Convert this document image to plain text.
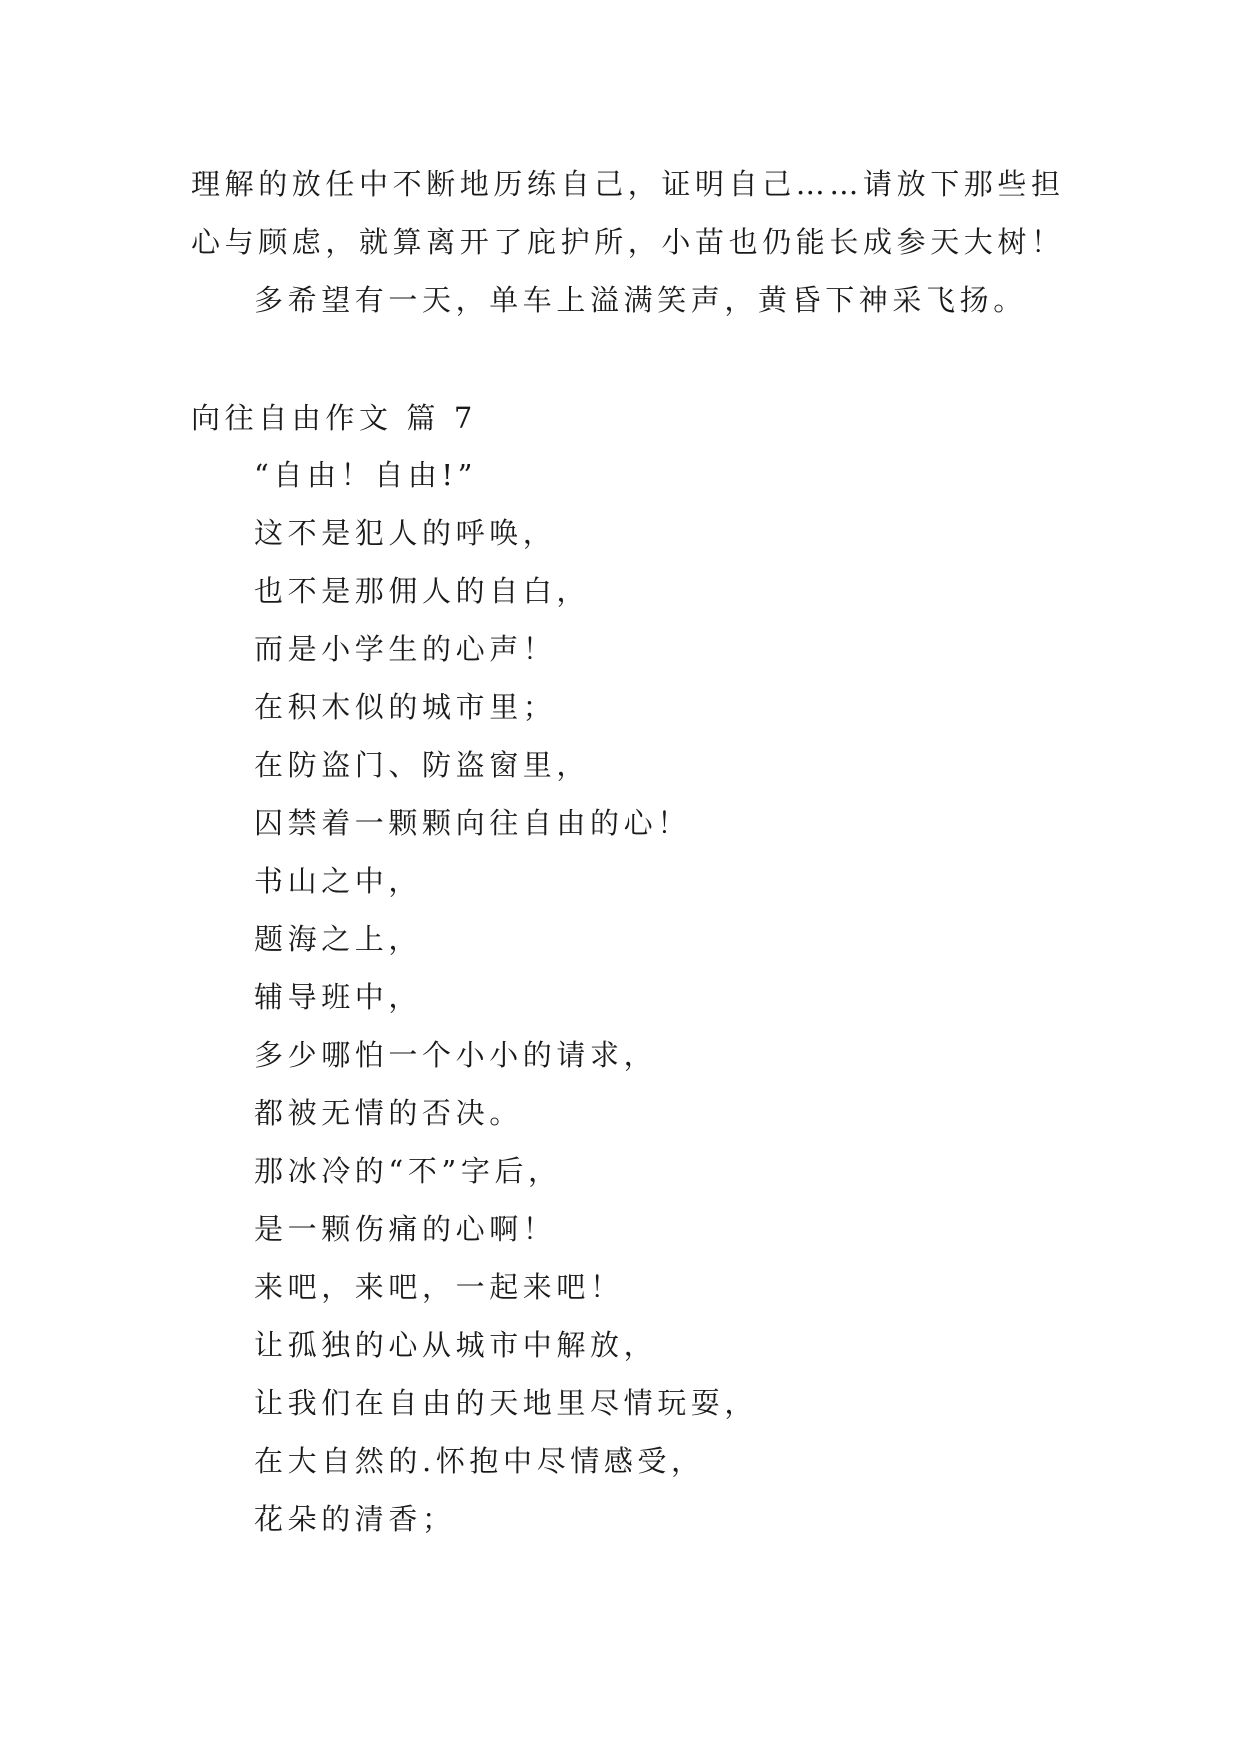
理解的放任中不断地历练自己，证明自己……请放下那些担

心与顾虑，就算离开了庇护所，小苗也仍能长成参天大树！

多希望有一天，单车上溢满笑声，黄昏下神采飞扬。

向往自由作文 篇 7

“自由！自由!”

这不是犯人的呼唤，

也不是那佣人的自白，

而是小学生的心声！

在积木似的城市里；

在防盗门、防盗窗里，

囚禁着一颗颗向往自由的心！

书山之中，

题海之上，

辅导班中，

多少哪怕一个小小的请求，

都被无情的否决。

那冰冷的“不”字后，

是一颗伤痛的心啊！

来吧，来吧，一起来吧！

让孤独的心从城市中解放，

让我们在自由的天地里尽情玩耍，

在大自然的.怀抱中尽情感受，

花朵的清香；
